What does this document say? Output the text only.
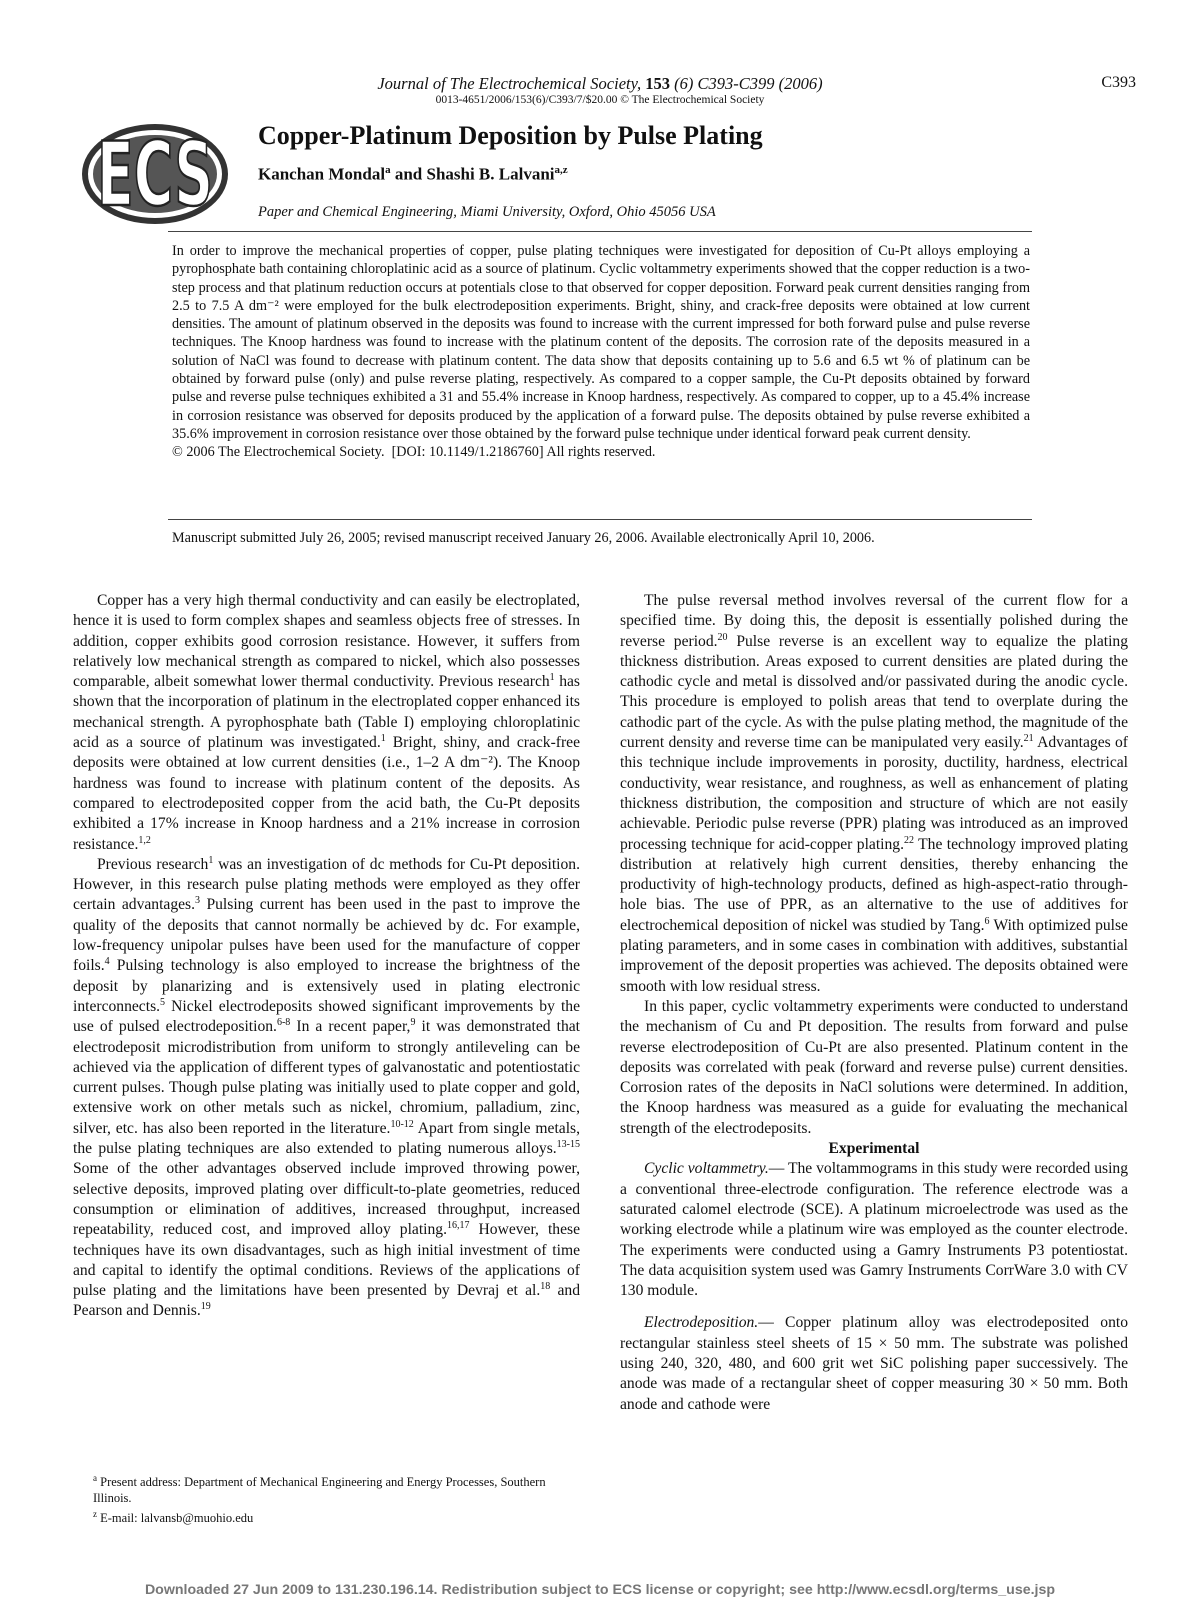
Journal of The Electrochemical Society, 153 (6) C393-C399 (2006)
0013-4651/2006/153(6)/C393/7/$20.00 © The Electrochemical Society
C393
ECS Copper-Platinum Deposition by Pulse Plating
Kanchan Mondal$^a$ and Shashi B. Lalvani$^{a,z}$
Paper and Chemical Engineering, Miami University, Oxford, Ohio 45056 USA
In order to improve the mechanical properties of copper, pulse plating techniques were investigated for deposition of Cu-Pt alloys employing a pyrophosphate bath containing chloroplatinic acid as a source of platinum. Cyclic voltammetry experiments showed that the copper reduction is a two-step process and that platinum reduction occurs at potentials close to that observed for copper deposition. Forward peak current densities ranging from 2.5 to 7.5 A dm⁻² were employed for the bulk electrodeposition experiments. Bright, shiny, and crack-free deposits were obtained at low current densities. The amount of platinum observed in the deposits was found to increase with the current impressed for both forward pulse and pulse reverse techniques. The Knoop hardness was found to increase with the platinum content of the deposits. The corrosion rate of the deposits measured in a solution of NaCl was found to decrease with platinum content. The data show that deposits containing up to 5.6 and 6.5 wt % of platinum can be obtained by forward pulse (only) and pulse reverse plating, respectively. As compared to a copper sample, the Cu-Pt deposits obtained by forward pulse and reverse pulse techniques exhibited a 31 and 55.4% increase in Knoop hardness, respectively. As compared to copper, up to a 45.4% increase in corrosion resistance was observed for deposits produced by the application of a forward pulse. The deposits obtained by pulse reverse exhibited a 35.6% improvement in corrosion resistance over those obtained by the forward pulse technique under identical forward peak current density.
© 2006 The Electrochemical Society.  [DOI: 10.1149/1.2186760] All rights reserved.
Manuscript submitted July 26, 2005; revised manuscript received January 26, 2006. Available electronically April 10, 2006.

Copper has a very high thermal conductivity and can easily be electroplated, hence it is used to form complex shapes and seamless objects free of stresses. In addition, copper exhibits good corrosion resistance. However, it suffers from relatively low mechanical strength as compared to nickel, which also possesses comparable, albeit somewhat lower thermal conductivity. Previous research$^1$ has shown that the incorporation of platinum in the electroplated copper enhanced its mechanical strength. A pyrophosphate bath (Table I) employing chloroplatinic acid as a source of platinum was investigated.$^1$ Bright, shiny, and crack-free deposits were obtained at low current densities (i.e., 1–2 A dm⁻²). The Knoop hardness was found to increase with platinum content of the deposits. As compared to electrodeposited copper from the acid bath, the Cu-Pt deposits exhibited a 17% increase in Knoop hardness and a 21% increase in corrosion resistance.$^{1,2}$

Previous research$^1$ was an investigation of dc methods for Cu-Pt deposition. However, in this research pulse plating methods were employed as they offer certain advantages.$^3$ Pulsing current has been used in the past to improve the quality of the deposits that cannot normally be achieved by dc. For example, low-frequency unipolar pulses have been used for the manufacture of copper foils.$^4$ Pulsing technology is also employed to increase the brightness of the deposit by planarizing and is extensively used in plating electronic interconnects.$^5$ Nickel electrodeposits showed significant improvements by the use of pulsed electrodeposition.$^{6-8}$ In a recent paper,$^9$ it was demonstrated that electrodeposit microdistribution from uniform to strongly antileveling can be achieved via the application of different types of galvanostatic and potentiostatic current pulses. Though pulse plating was initially used to plate copper and gold, extensive work on other metals such as nickel, chromium, palladium, zinc, silver, etc. has also been reported in the literature.$^{10-12}$ Apart from single metals, the pulse plating techniques are also extended to plating numerous alloys.$^{13-15}$ Some of the other advantages observed include improved throwing power, selective deposits, improved plating over difficult-to-plate geometries, reduced consumption or elimination of additives, increased throughput, increased repeatability, reduced cost, and improved alloy plating.$^{16,17}$ However, these techniques have its own disadvantages, such as high initial investment of time and capital to identify the optimal conditions. Reviews of the applications of pulse plating and the limitations have been presented by Devraj et al.$^{18}$ and Pearson and Dennis.$^{19}$

$^a$ Present address: Department of Mechanical Engineering and Energy Processes, Southern Illinois.

$^z$ E-mail: lalvansb@muohio.edu

The pulse reversal method involves reversal of the current flow for a specified time. By doing this, the deposit is essentially polished during the reverse period.$^{20}$ Pulse reverse is an excellent way to equalize the plating thickness distribution. Areas exposed to current densities are plated during the cathodic cycle and metal is dissolved and/or passivated during the anodic cycle. This procedure is employed to polish areas that tend to overplate during the cathodic part of the cycle. As with the pulse plating method, the magnitude of the current density and reverse time can be manipulated very easily.$^{21}$ Advantages of this technique include improvements in porosity, ductility, hardness, electrical conductivity, wear resistance, and roughness, as well as enhancement of plating thickness distribution, the composition and structure of which are not easily achievable. Periodic pulse reverse (PPR) plating was introduced as an improved processing technique for acid-copper plating.$^{22}$ The technology improved plating distribution at relatively high current densities, thereby enhancing the productivity of high-technology products, defined as high-aspect-ratio through-hole bias. The use of PPR, as an alternative to the use of additives for electrochemical deposition of nickel was studied by Tang.$^6$ With optimized pulse plating parameters, and in some cases in combination with additives, substantial improvement of the deposit properties was achieved. The deposits obtained were smooth with low residual stress.

In this paper, cyclic voltammetry experiments were conducted to understand the mechanism of Cu and Pt deposition. The results from forward and pulse reverse electrodeposition of Cu-Pt are also presented. Platinum content in the deposits was correlated with peak (forward and reverse pulse) current densities. Corrosion rates of the deposits in NaCl solutions were determined. In addition, the Knoop hardness was measured as a guide for evaluating the mechanical strength of the electrodeposits.

Experimental

Cyclic voltammetry.— The voltammograms in this study were recorded using a conventional three-electrode configuration. The reference electrode was a saturated calomel electrode (SCE). A platinum microelectrode was used as the working electrode while a platinum wire was employed as the counter electrode. The experiments were conducted using a Gamry Instruments P3 potentiostat. The data acquisition system used was Gamry Instruments CorrWare 3.0 with CV 130 module.

Electrodeposition.— Copper platinum alloy was electrodeposited onto rectangular stainless steel sheets of 15 × 50 mm. The substrate was polished using 240, 320, 480, and 600 grit wet SiC polishing paper successively. The anode was made of a rectangular sheet of copper measuring 30 × 50 mm. Both anode and cathode were

Downloaded 27 Jun 2009 to 131.230.196.14. Redistribution subject to ECS license or copyright; see http://www.ecsdl.org/terms_use.jsp
